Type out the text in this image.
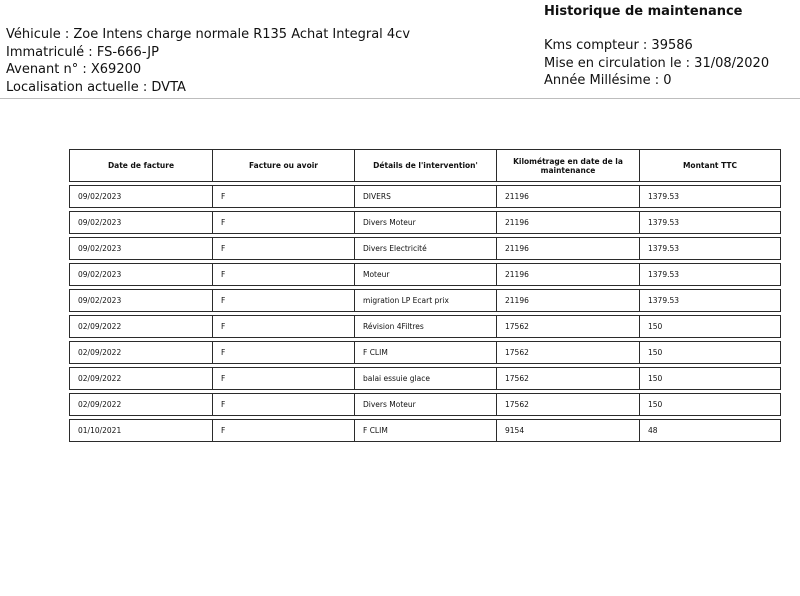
Véhicule : Zoe Intens charge normale R135 Achat Integral 4cv
Immatriculé : FS-666-JP
Avenant n° : X69200
Localisation actuelle : DVTA
Historique de maintenance
Kms compteur : 39586
Mise en circulation le : 31/08/2020
Année Millésime : 0
Date de facture	Facture ou avoir	Détails de l'intervention'	Kilométrage en date de la maintenance	Montant TTC
09/02/2023	F	DIVERS	21196	1379.53
09/02/2023	F	Divers Moteur	21196	1379.53
09/02/2023	F	Divers Electricité	21196	1379.53
09/02/2023	F	Moteur	21196	1379.53
09/02/2023	F	migration LP Ecart prix	21196	1379.53
02/09/2022	F	Révision 4Filtres	17562	150
02/09/2022	F	F CLIM	17562	150
02/09/2022	F	balai essuie glace	17562	150
02/09/2022	F	Divers Moteur	17562	150
01/10/2021	F	F CLIM	9154	48
